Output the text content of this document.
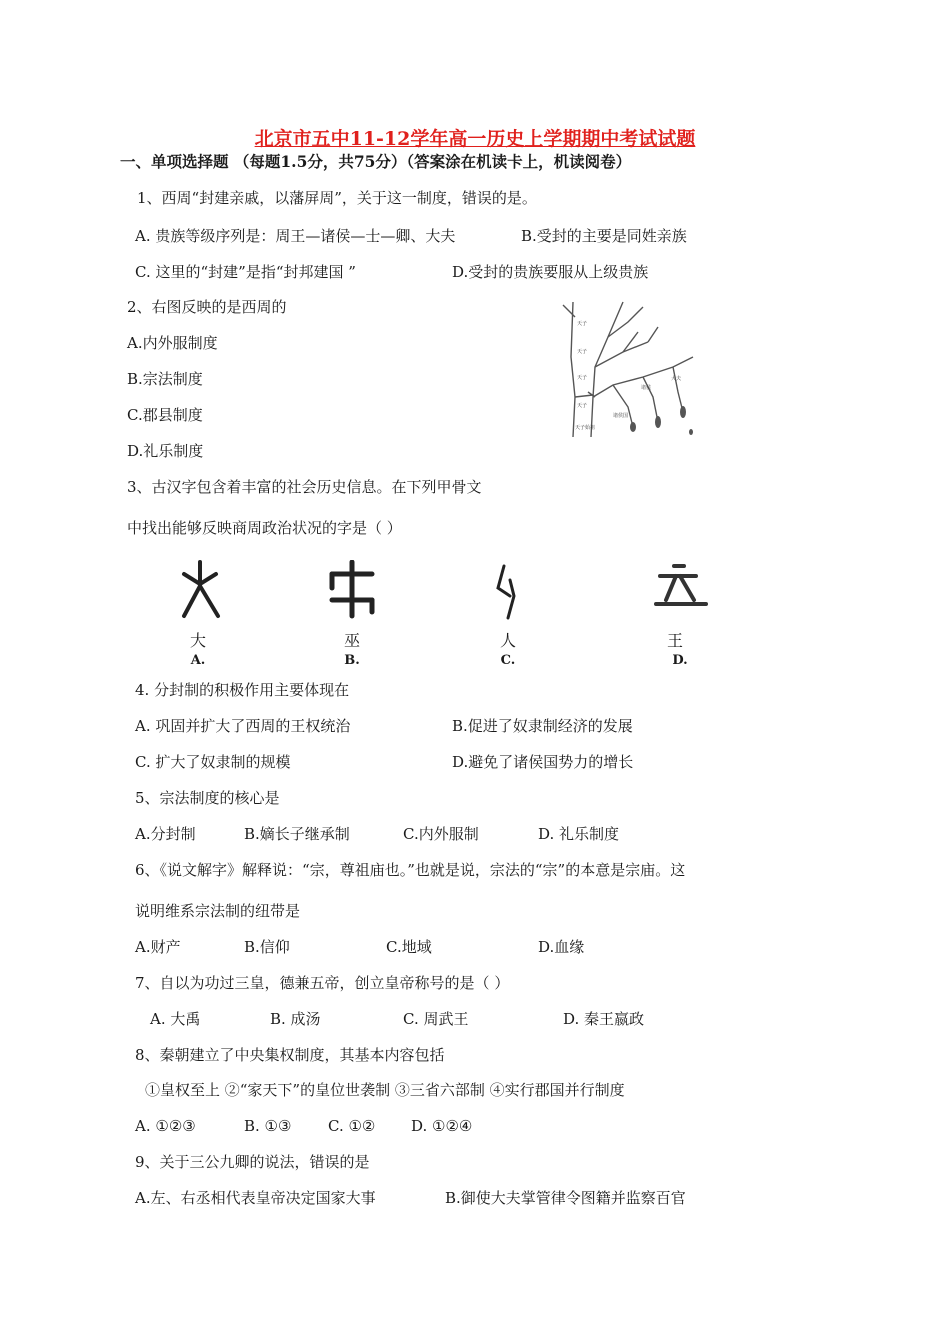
北京市五中11-12学年高一历史上学期期中考试试题
一、单项选择题 （每题1.5分，共75分）（答案涂在机读卡上，机读阅卷）
1、西周“封建亲戚，以藩屏周”，关于这一制度，错误的是。
A. 贵族等级序列是：周王—诸侯—士—卿、大夫	B.受封的主要是同姓亲族
C. 这里的“封建”是指“封邦建国 ”	D.受封的贵族要服从上级贵族
2、右图反映的是西周的
A.内外服制度
B.宗法制度
C.郡县制度
D.礼乐制度
天子
天子
天子
天子
诸侯
大夫
诸侯国
天子始祖
3、古汉字包含着丰富的社会历史信息。在下列甲骨文
中找出能够反映商周政治状况的字是（ ）
大	巫	人	王
A.	B.	C.	D.
4. 分封制的积极作用主要体现在
A. 巩固并扩大了西周的王权统治	B.促进了奴隶制经济的发展
C. 扩大了奴隶制的规模	D.避免了诸侯国势力的增长
5、宗法制度的核心是
A.分封制	B.嫡长子继承制	C.内外服制	D. 礼乐制度
6、《说文解字》解释说：“宗，尊祖庙也。”也就是说，宗法的“宗”的本意是宗庙。这
说明维系宗法制的纽带是
A.财产	B.信仰	C.地域	D.血缘
7、自以为功过三皇，德兼五帝，创立皇帝称号的是（ ）
A. 大禹	B. 成汤	C. 周武王	D. 秦王嬴政
8、秦朝建立了中央集权制度，其基本内容包括
①皇权至上 ②“家天下”的皇位世袭制 ③三省六部制 ④实行郡国并行制度
A. ①②③	B. ①③ C. ①② D. ①②④
9、关于三公九卿的说法，错误的是
A.左、右丞相代表皇帝决定国家大事	B.御使大夫掌管律令图籍并监察百官
